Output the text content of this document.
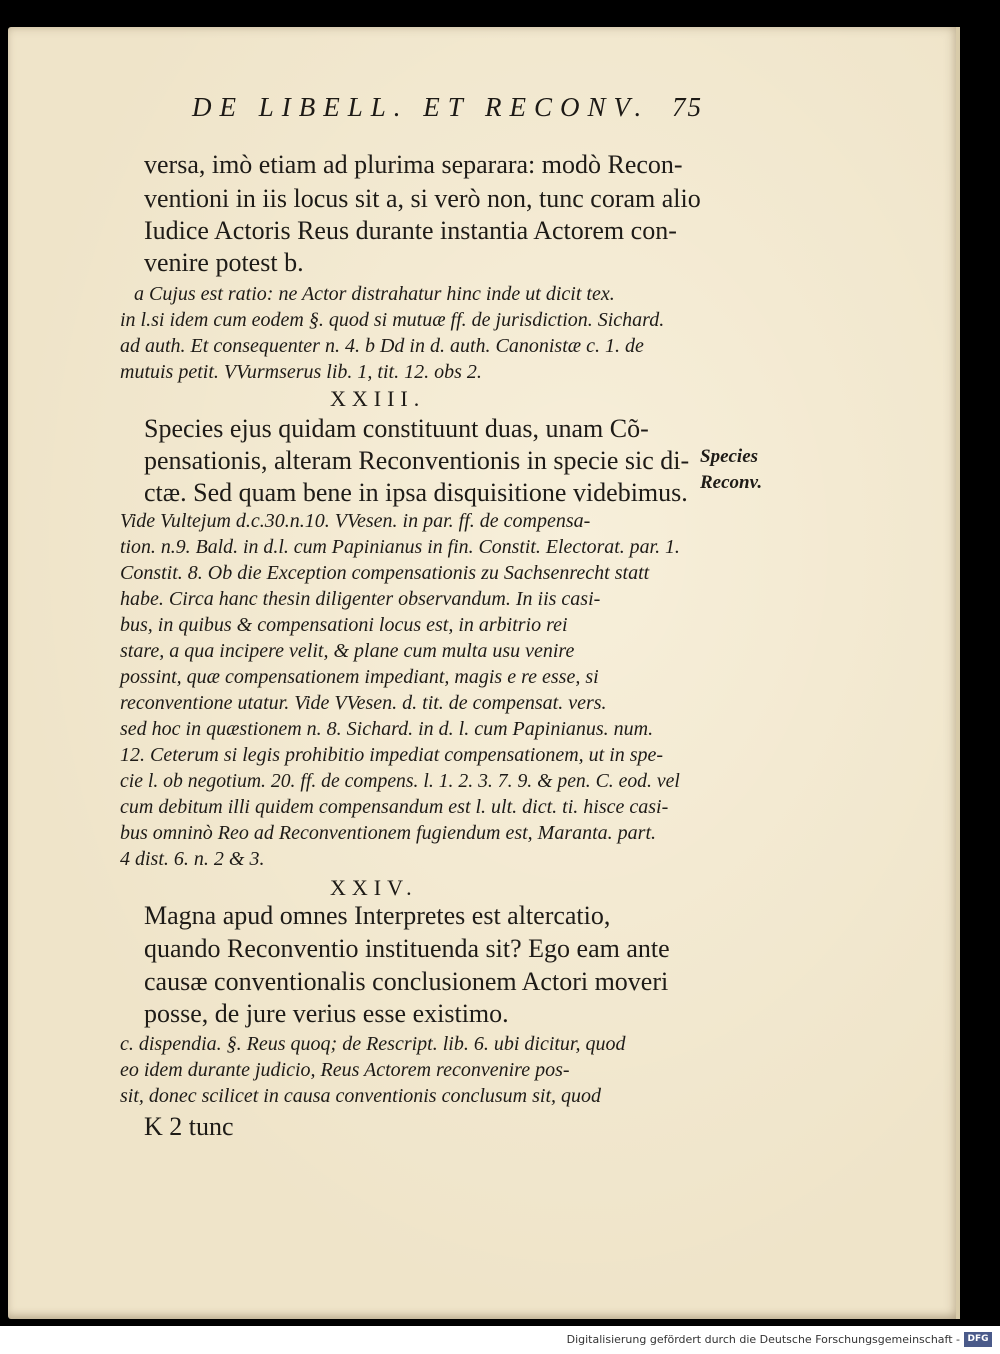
DE LIBELL. ET RECONV. 75
versa, imò etiam ad plurima separara: modò Recon-
ventioni in iis locus sit a, si verò non, tunc coram alio
Iudice Actoris Reus durante instantia Actorem con-
venire potest b.
a Cujus est ratio: ne Actor distrahatur hinc inde ut dicit tex.
in l.si idem cum eodem §. quod si mutuæ ff. de jurisdiction. Sichard.
ad auth. Et consequenter n. 4. b Dd in d. auth. Canonistæ c. 1. de
mutuis petit. VVurmserus lib. 1, tit. 12. obs 2.
XXIII.
Species ejus quidam constituunt duas, unam Cõ-
pensationis, alteram Reconventionis in specie sic di-
ctæ. Sed quam bene in ipsa disquisitione videbimus.
Vide Vultejum d.c.30.n.10. VVesen. in par. ff. de compensa-
tion. n.9. Bald. in d.l. cum Papinianus in fin. Constit. Electorat. par. 1.
Constit. 8. Ob die Exception compensationis zu Sachsenrecht statt
habe. Circa hanc thesin diligenter observandum. In iis casi-
bus, in quibus & compensationi locus est, in arbitrio rei
stare, a qua incipere velit, & plane cum multa usu venire
possint, quæ compensationem impediant, magis e re esse, si
reconventione utatur. Vide VVesen. d. tit. de compensat. vers.
sed hoc in quæstionem n. 8. Sichard. in d. l. cum Papinianus. num.
12. Ceterum si legis prohibitio impediat compensationem, ut in spe-
cie l. ob negotium. 20. ff. de compens. l. 1. 2. 3. 7. 9. & pen. C. eod. vel
cum debitum illi quidem compensandum est l. ult. dict. ti. hisce casi-
bus omninò Reo ad Reconventionem fugiendum est, Maranta. part.
4 dist. 6. n. 2 & 3.
XXIV.
Magna apud omnes Interpretes est altercatio,
quando Reconventio instituenda sit? Ego eam ante
causæ conventionalis conclusionem Actori moveri
posse, de jure verius esse existimo.
c. dispendia. §. Reus quoq; de Rescript. lib. 6. ubi dicitur, quod
eo idem durante judicio, Reus Actorem reconvenire pos-
sit, donec scilicet in causa conventionis conclusum sit, quod
K 2 tunc
Species
Reconv.
Digitalisierung gefördert durch die Deutsche Forschungsgemeinschaft - DFG
